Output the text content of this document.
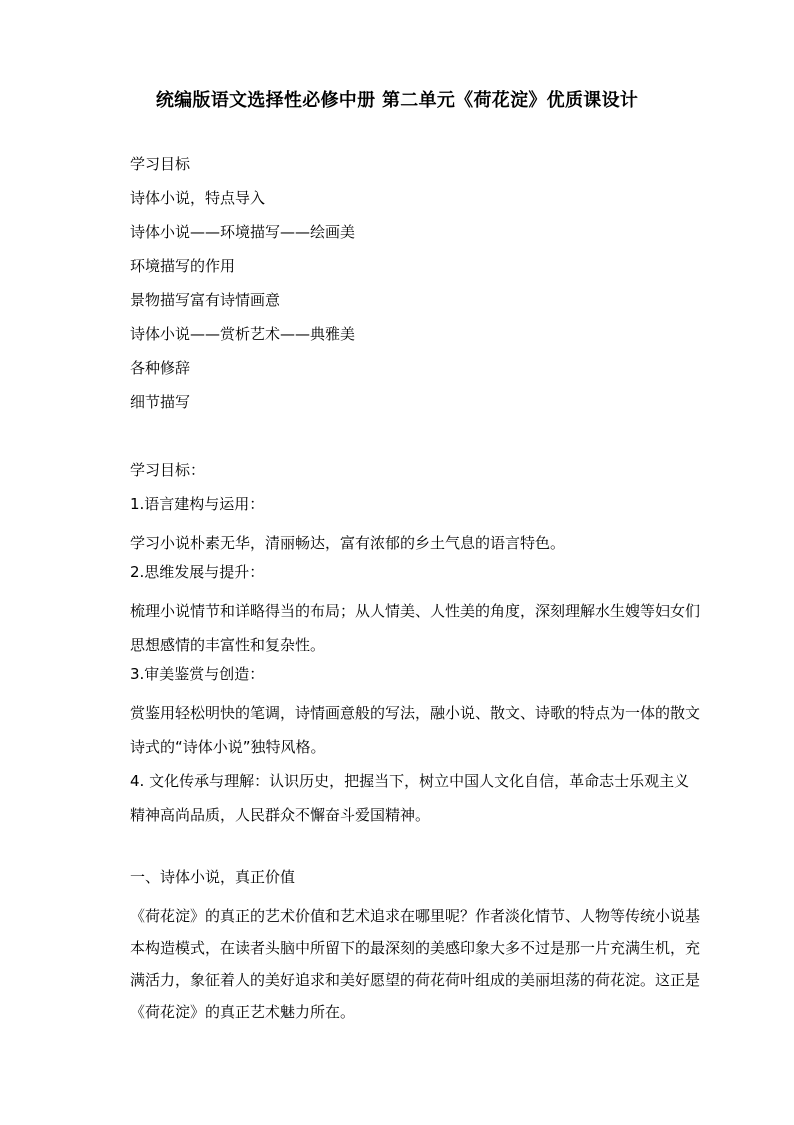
统编版语文选择性必修中册 第二单元《荷花淀》优质课设计
学习目标
诗体小说，特点导入
诗体小说——环境描写——绘画美
环境描写的作用
景物描写富有诗情画意
诗体小说——赏析艺术——典雅美
各种修辞
细节描写
学习目标：
1.语言建构与运用：

学习小说朴素无华，清丽畅达，富有浓郁的乡土气息的语言特色。

2.思维发展与提升：

梳理小说情节和详略得当的布局；从人情美、人性美的角度，深刻理解水生嫂等妇女们思想感情的丰富性和复杂性。

3.审美鉴赏与创造：

赏鉴用轻松明快的笔调，诗情画意般的写法，融小说、散文、诗歌的特点为一体的散文诗式的“诗体小说”独特风格。

4. 文化传承与理解：认识历史，把握当下，树立中国人文化自信，革命志士乐观主义精神高尚品质，人民群众不懈奋斗爱国精神。

一、诗体小说，真正价值

《荷花淀》的真正的艺术价值和艺术追求在哪里呢？作者淡化情节、人物等传统小说基本构造模式，在读者头脑中所留下的最深刻的美感印象大多不过是那一片充满生机，充满活力，象征着人的美好追求和美好愿望的荷花荷叶组成的美丽坦荡的荷花淀。这正是《荷花淀》的真正艺术魅力所在。
